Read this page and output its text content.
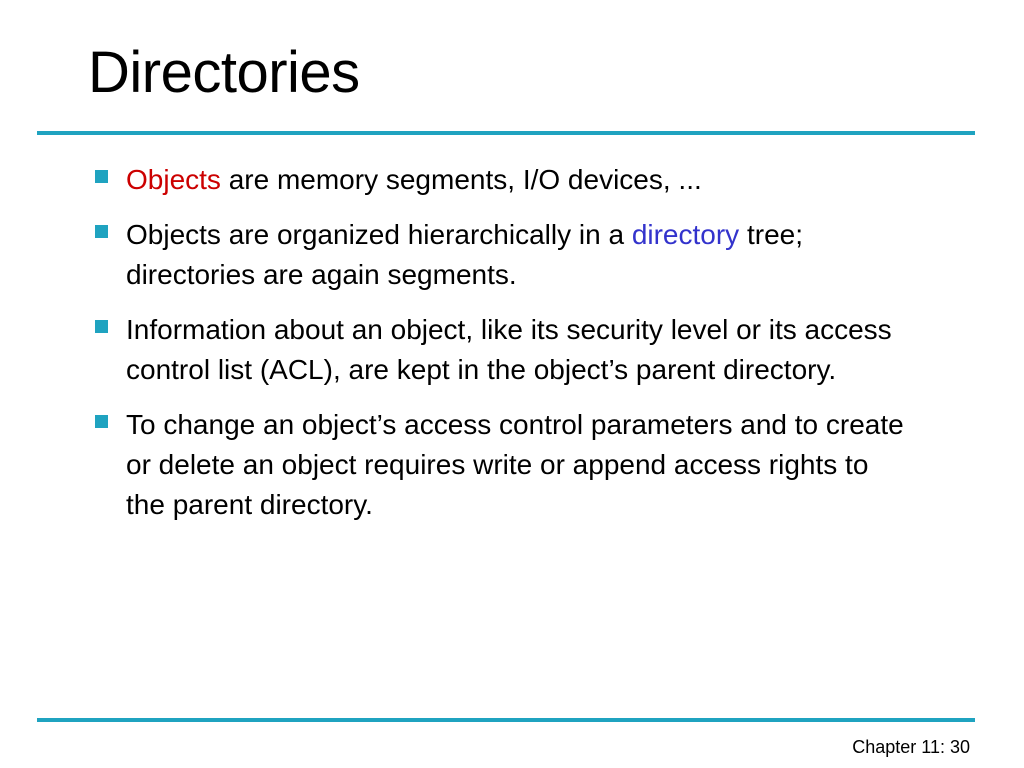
Directories
Objects are memory segments, I/O devices, ...
Objects are organized hierarchically in a directory tree; directories are again segments.
Information about an object, like its security level or its access control list (ACL), are kept in the object’s parent directory.
To change an object’s access control parameters and to create or delete an object requires write or append access rights to the parent directory.
Chapter 11: 30
